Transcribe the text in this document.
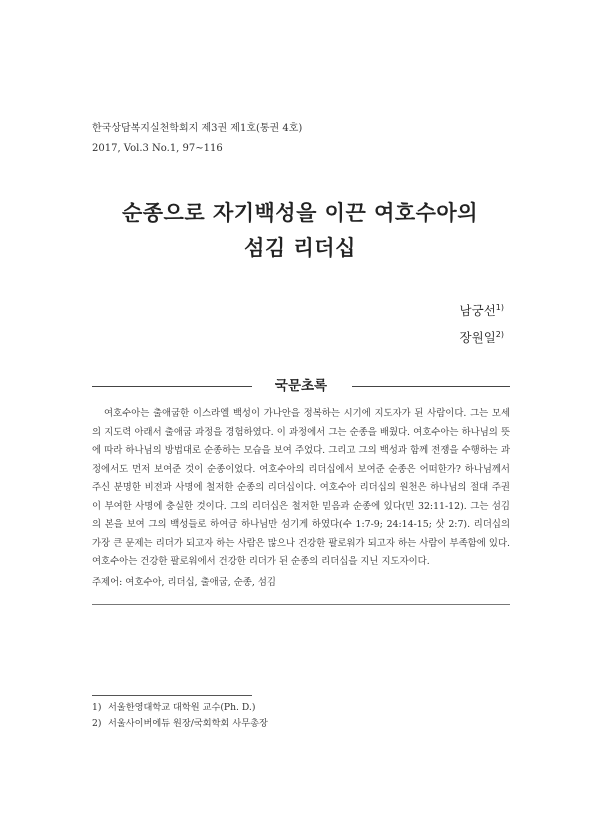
한국상담복지실천학회지 제3권 제1호(통권 4호)
2017, Vol.3 No.1, 97∼116
순종으로 자기백성을 이끈 여호수아의
섬김 리더십
남궁선$^{1)}$
장원일$^{2)}$
국문초록

여호수아는 출애굽한 이스라엘 백성이 가나안을 정복하는 시기에 지도자가 된 사람이다. 그는 모세의 지도력 아래서 출애굽 과정을 경험하였다. 이 과정에서 그는 순종을 배웠다. 여호수아는 하나님의 뜻에 따라 하나님의 방법대로 순종하는 모습을 보여 주었다. 그리고 그의 백성과 함께 전쟁을 수행하는 과정에서도 먼저 보여준 것이 순종이었다. 여호수아의 리더십에서 보여준 순종은 어떠한가? 하나님께서 주신 분명한 비전과 사명에 철저한 순종의 리더십이다. 여호수아 리더십의 원천은 하나님의 절대 주권이 부여한 사명에 충실한 것이다. 그의 리더십은 철저한 믿음과 순종에 있다(민 32:11-12). 그는 섬김의 본을 보여 그의 백성들로 하여금 하나님만 섬기게 하였다(수 1:7-9; 24:14-15; 삿 2:7). 리더십의 가장 큰 문제는 리더가 되고자 하는 사람은 많으나 건강한 팔로워가 되고자 하는 사람이 부족함에 있다. 여호수아는 건강한 팔로워에서 건강한 리더가 된 순종의 리더십을 지닌 지도자이다.

주제어: 여호수아, 리더십, 출애굽, 순종, 섬김
1) 서울한영대학교 대학원 교수(Ph. D.)
2) 서울사이버에듀 원장/국회학회 사무총장
